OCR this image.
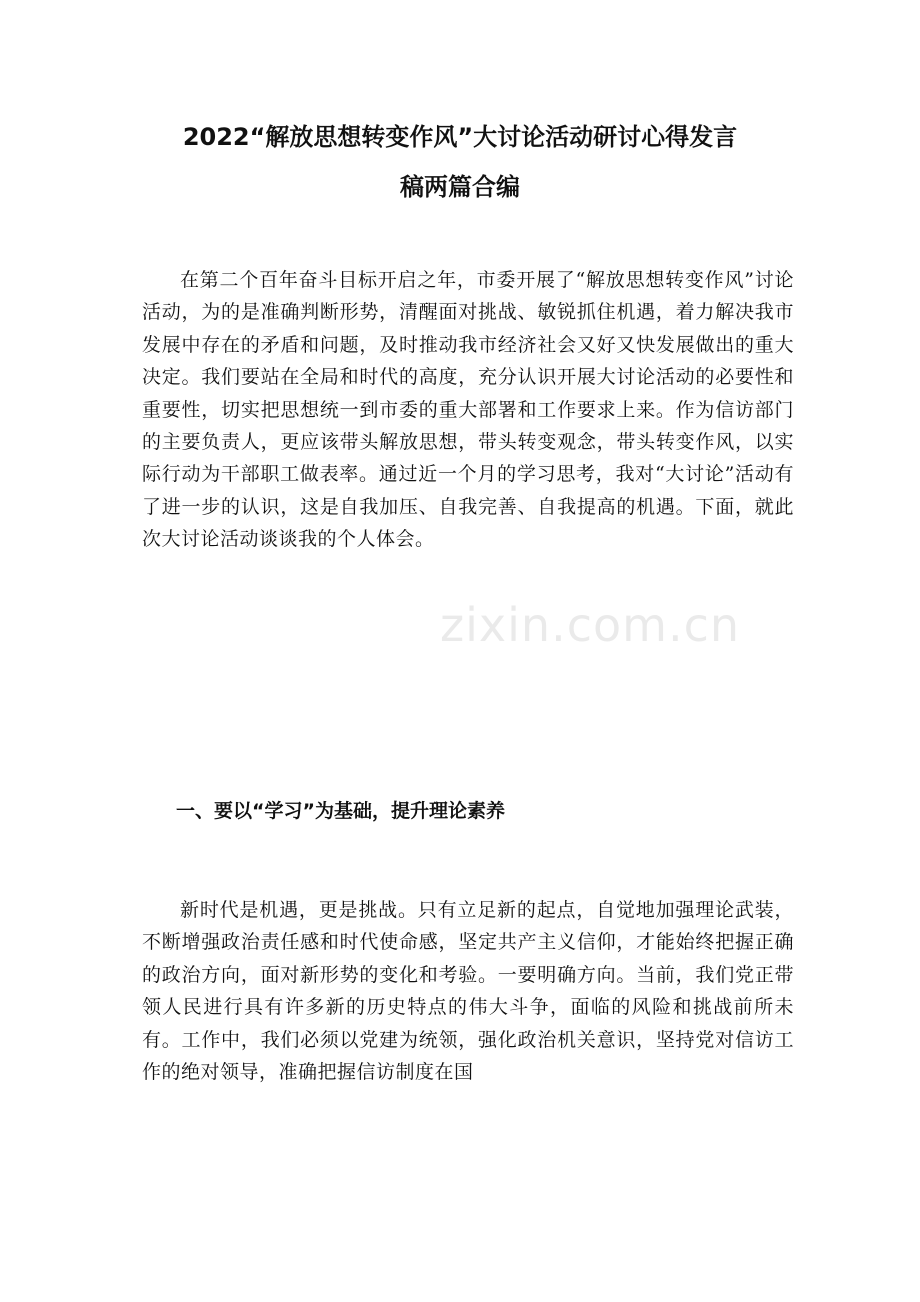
2022“解放思想转变作风”大讨论活动研讨心得发言
稿两篇合编

在第二个百年奋斗目标开启之年，市委开展了“解放思想转变作风”讨论活动，为的是准确判断形势，清醒面对挑战、敏锐抓住机遇，着力解决我市发展中存在的矛盾和问题，及时推动我市经济社会又好又快发展做出的重大决定。我们要站在全局和时代的高度，充分认识开展大讨论活动的必要性和重要性，切实把思想统一到市委的重大部署和工作要求上来。作为信访部门的主要负责人，更应该带头解放思想，带头转变观念，带头转变作风，以实际行动为干部职工做表率。通过近一个月的学习思考，我对“大讨论”活动有了进一步的认识，这是自我加压、自我完善、自我提高的机遇。下面，就此次大讨论活动谈谈我的个人体会。

一、要以“学习”为基础，提升理论素养

新时代是机遇，更是挑战。只有立足新的起点，自觉地加强理论武装，不断增强政治责任感和时代使命感，坚定共产主义信仰，才能始终把握正确的政治方向，面对新形势的变化和考验。一要明确方向。当前，我们党正带领人民进行具有许多新的历史特点的伟大斗争，面临的风险和挑战前所未有。工作中，我们必须以党建为统领，强化政治机关意识，坚持党对信访工作的绝对领导，准确把握信访制度在国

zixin.com.cn
